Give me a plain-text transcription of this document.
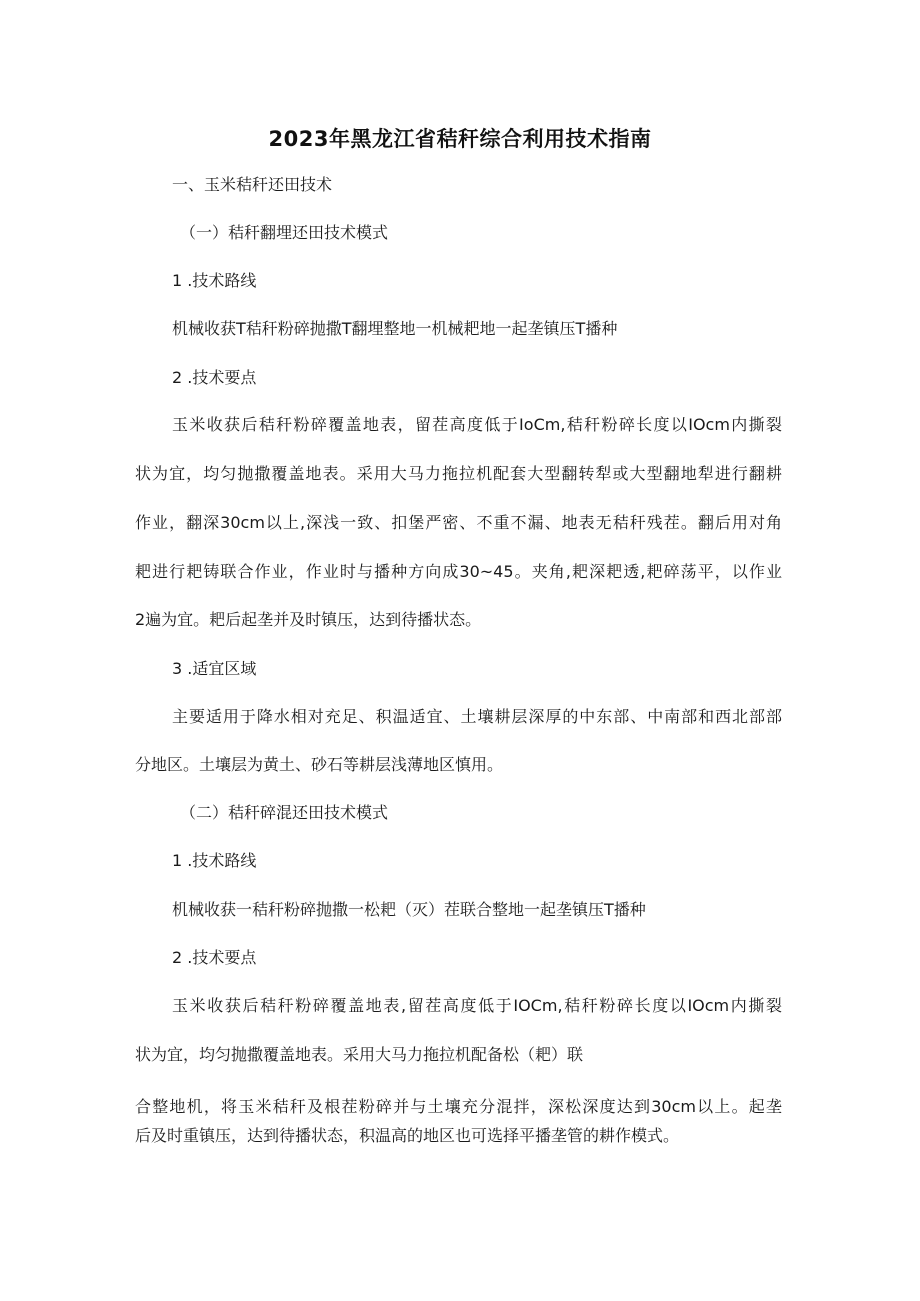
2023年黑龙江省秸秆综合利用技术指南
一、玉米秸秆还田技术
（一）秸秆翻埋还田技术模式
1 .技术路线
机械收获T秸秆粉碎抛撒T翻埋整地一机械耙地一起垄镇压T播种
2 .技术要点
玉米收获后秸秆粉碎覆盖地表，留茬高度低于IoCm,秸秆粉碎长度以IOcm内撕裂
状为宜，均匀抛撒覆盖地表。采用大马力拖拉机配套大型翻转犁或大型翻地犁进行翻耕
作业，翻深30cm以上,深浅一致、扣堡严密、不重不漏、地表无秸秆残茬。翻后用对角
耙进行耙铸联合作业，作业时与播种方向成30~45。夹角,耙深耙透,耙碎荡平，以作业
2遍为宜。耙后起垄并及时镇压，达到待播状态。
3 .适宜区域
主要适用于降水相对充足、积温适宜、土壤耕层深厚的中东部、中南部和西北部部
分地区。土壤层为黄土、砂石等耕层浅薄地区慎用。
（二）秸秆碎混还田技术模式
1 .技术路线
机械收获一秸秆粉碎抛撒一松耙（灭）茬联合整地一起垄镇压T播种
2 .技术要点
玉米收获后秸秆粉碎覆盖地表,留茬高度低于IOCm,秸秆粉碎长度以IOcm内撕裂
状为宜，均匀抛撒覆盖地表。采用大马力拖拉机配备松（耙）联
合整地机，将玉米秸秆及根茬粉碎并与土壤充分混拌，深松深度达到30cm以上。起垄
后及时重镇压，达到待播状态，积温高的地区也可选择平播垄管的耕作模式。
